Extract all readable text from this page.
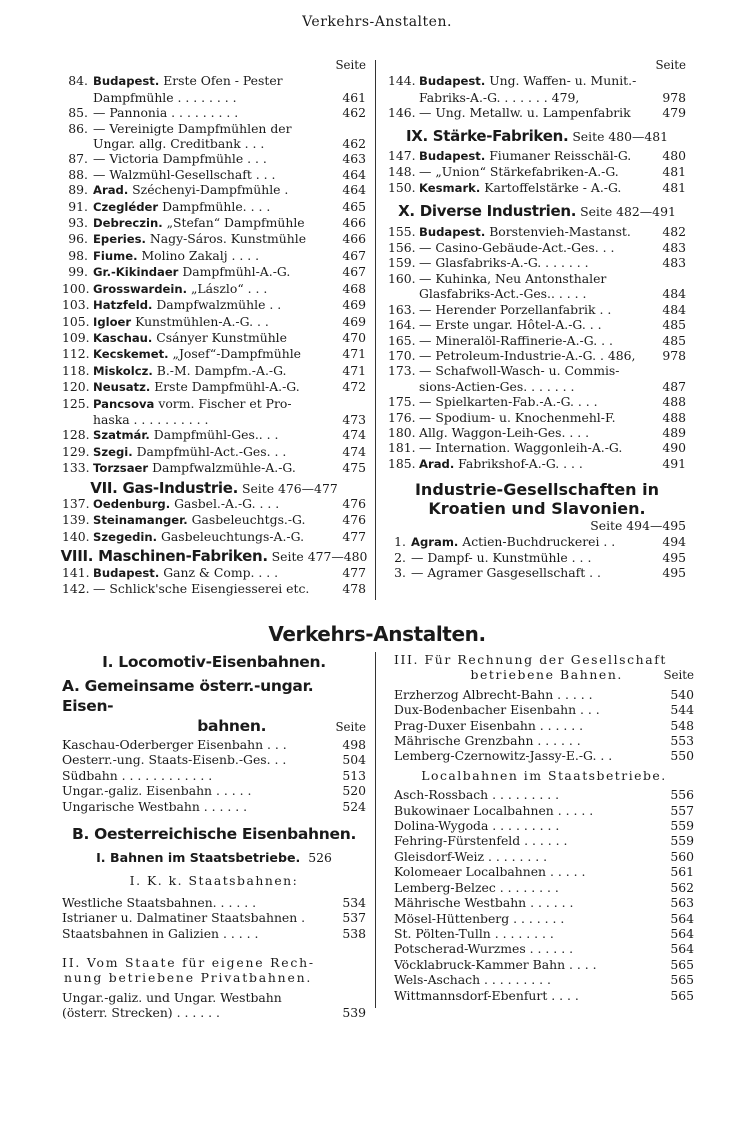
Verkehrs-Anstalten.
Seite
84. Budapest. Erste Ofen - Pester
Dampfmühle . . . . . . . .	461
85. — Pannonia . . . . . . . . .	462
86. — Vereinigte Dampfmühlen der
Ungar. allg. Creditbank . . .	462
87. — Victoria Dampfmühle . . .	463
88. — Walzmühl-Gesellschaft . . .	464
89. Arad. Széchenyi-Dampfmühle .	464
91. Czegléder Dampfmühle. . . .	465
93. Debreczin. „Stefan“ Dampfmühle	466
96. Eperies. Nagy-Sáros. Kunstmühle	466
98. Fiume. Molino Zakalj . . . .	467
99. Gr.-Kikindaer Dampfmühl-A.-G.	467
100. Grosswardein. „Lászlo“ . . .	468
103. Hatzfeld. Dampfwalzmühle . .	469
105. Igloer Kunstmühlen-A.-G. . .	469
109. Kaschau. Csányer Kunstmühle	470
112. Kecskemet. „Josef“-Dampfmühle	471
118. Miskolcz. B.-M. Dampfm.-A.-G.	471
120. Neusatz. Erste Dampfmühl-A.-G.	472
125. Pancsova vorm. Fischer et Pro-
haska . . . . . . . . . .	473
128. Szatmár. Dampfmühl-Ges.. . .	474
129. Szegi. Dampfmühl-Act.-Ges. . .	474
133. Torzsaer Dampfwalzmühle-A.-G.	475
VII. Gas-Industrie.
Seite 476—477
137. Oedenburg. Gasbel.-A.-G. . . .	476
139. Steinamanger. Gasbeleuchtgs.-G.	476
140. Szegedin. Gasbeleuchtungs-A.-G.	477
VIII. Maschinen-Fabriken.
Seite 477—480
141. Budapest. Ganz & Comp. . . .	477
142. — Schlick'sche Eisengiesserei etc.	478
Seite
144. Budapest. Ung. Waffen- u. Munit.-
Fabriks-A.-G. . . . . . . 479,	978
146. — Ung. Metallw. u. Lampenfabrik	479
IX. Stärke-Fabriken.
Seite 480—481
147. Budapest. Fiumaner Reisschäl-G.	480
148. — „Union“ Stärkefabriken-A.-G.	481
150. Kesmark. Kartoffelstärke - A.-G.	481
X. Diverse Industrien.
Seite 482—491
155. Budapest. Borstenvieh-Mastanst.	482
156. — Casino-Gebäude-Act.-Ges. . .	483
159. — Glasfabriks-A.-G. . . . . . .	483
160. — Kuhinka, Neu Antonsthaler
Glasfabriks-Act.-Ges.. . . . .	484
163. — Herender Porzellanfabrik . .	484
164. — Erste ungar. Hôtel-A.-G. . .	485
165. — Mineralöl-Raffinerie-A.-G. . .	485
170. — Petroleum-Industrie-A.-G. . 486,	978
173. — Schafwoll-Wasch- u. Commis-
sions-Actien-Ges. . . . . . .	487
175. — Spielkarten-Fab.-A.-G. . . .	488
176. — Spodium- u. Knochenmehl-F.	488
180. Allg. Waggon-Leih-Ges. . . .	489
181. — Internation. Waggonleih-A.-G.	490
185. Arad. Fabrikshof-A.-G. . . .	491
Industrie-Gesellschaften in
Kroatien und Slavonien.
Seite 494—495
1. Agram. Actien-Buchdruckerei . .	494
2. — Dampf- u. Kunstmühle . . .	495
3. — Agramer Gasgesellschaft . .	495
Verkehrs-Anstalten.
I. Locomotiv-Eisenbahnen.
A. Gemeinsame österr.-ungar. Eisen-
bahnen.	Seite
Kaschau-Oderberger Eisenbahn . . .	498
Oesterr.-ung. Staats-Eisenb.-Ges. . .	504
Südbahn . . . . . . . . . . . .	513
Ungar.-galiz. Eisenbahn . . . . .	520
Ungarische Westbahn . . . . . .	524
B. Oesterreichische Eisenbahnen.
I. Bahnen im Staatsbetriebe.
526
I. K. k. Staatsbahnen:
Westliche Staatsbahnen. . . . . .	534
Istrianer u. Dalmatiner Staatsbahnen .	537
Staatsbahnen in Galizien . . . . .	538
II. Vom Staate für eigene Rech-
nung betriebene Privatbahnen.
Ungar.-galiz. und Ungar. Westbahn
(österr. Strecken) . . . . . .	539
III. Für Rechnung der Gesellschaft
betriebene Bahnen.	Seite
Erzherzog Albrecht-Bahn . . . . .	540
Dux-Bodenbacher Eisenbahn . . .	544
Prag-Duxer Eisenbahn . . . . . .	548
Mährische Grenzbahn . . . . . .	553
Lemberg-Czernowitz-Jassy-E.-G. . .	550
Localbahnen im Staatsbetriebe.
Asch-Rossbach . . . . . . . . .	556
Bukowinaer Localbahnen . . . . .	557
Dolina-Wygoda . . . . . . . . .	559
Fehring-Fürstenfeld . . . . . .	559
Gleisdorf-Weiz . . . . . . . .	560
Kolomeaer Localbahnen . . . . .	561
Lemberg-Belzec . . . . . . . .	562
Mährische Westbahn . . . . . .	563
Mösel-Hüttenberg . . . . . . .	564
St. Pölten-Tulln . . . . . . . .	564
Potscherad-Wurzmes . . . . . .	564
Vöcklabruck-Kammer Bahn . . . .	565
Wels-Aschach . . . . . . . . .	565
Wittmannsdorf-Ebenfurt . . . .	565
